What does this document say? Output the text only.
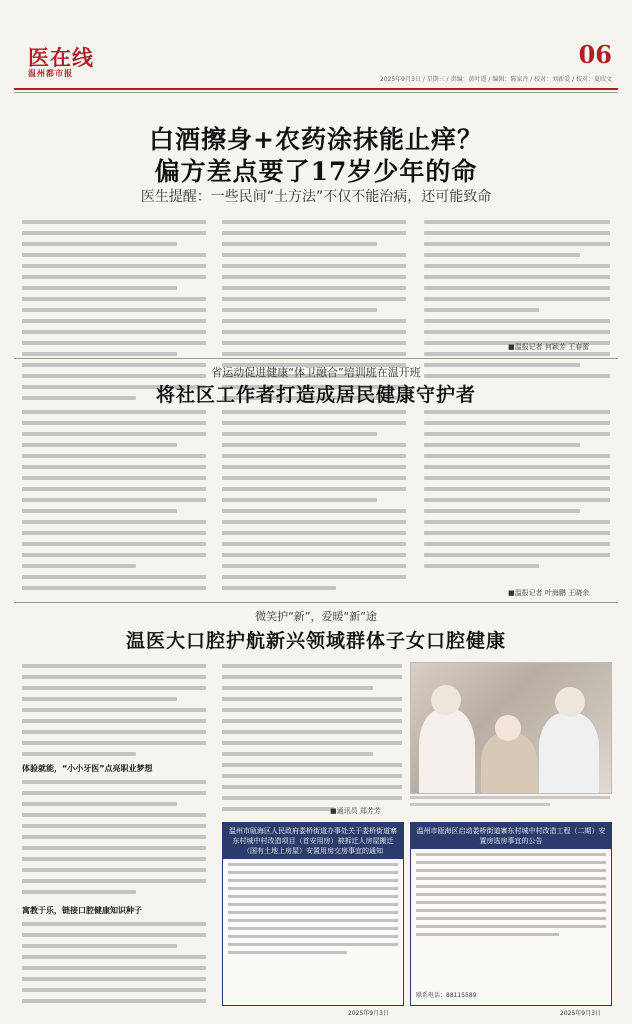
医在线
温州都市报
06
2025年9月3日 / 星期三 / 责编：黄叶遥 / 编辑：陈家丹 / 校对：刘新爱 / 校对：夏欣文
白酒擦身+农药涂抹能止痒？
偏方差点要了17岁少年的命
医生提醒：一些民间“土方法”不仅不能治病，还可能致命
■温报记者 何颖芳 王春蕾
省运动促进健康“体卫融合”培训班在温开班
将社区工作者打造成居民健康守护者
■温报记者 叶海鹏 王晓余
微笑护“新”，爱暖“新”途
温医大口腔护航新兴领域群体子女口腔健康
体验就能，“小小牙医”点亮职业梦想
寓教于乐，链接口腔健康知识种子
■通讯员 郑芳芳
温州市瓯海区人民政府娄桥街道办事处关于娄桥街道寨东村城中村改造项目（首安用房）被拆迁人房屋搬迁（国有土地上房屋）安置用房交房事宜的通知
2025年9月3日
温州市瓯海区启动娄桥街道寨东村城中村改造工程（二期）安置房选房事宜的公告
联系电话：88115589
2025年9月3日
